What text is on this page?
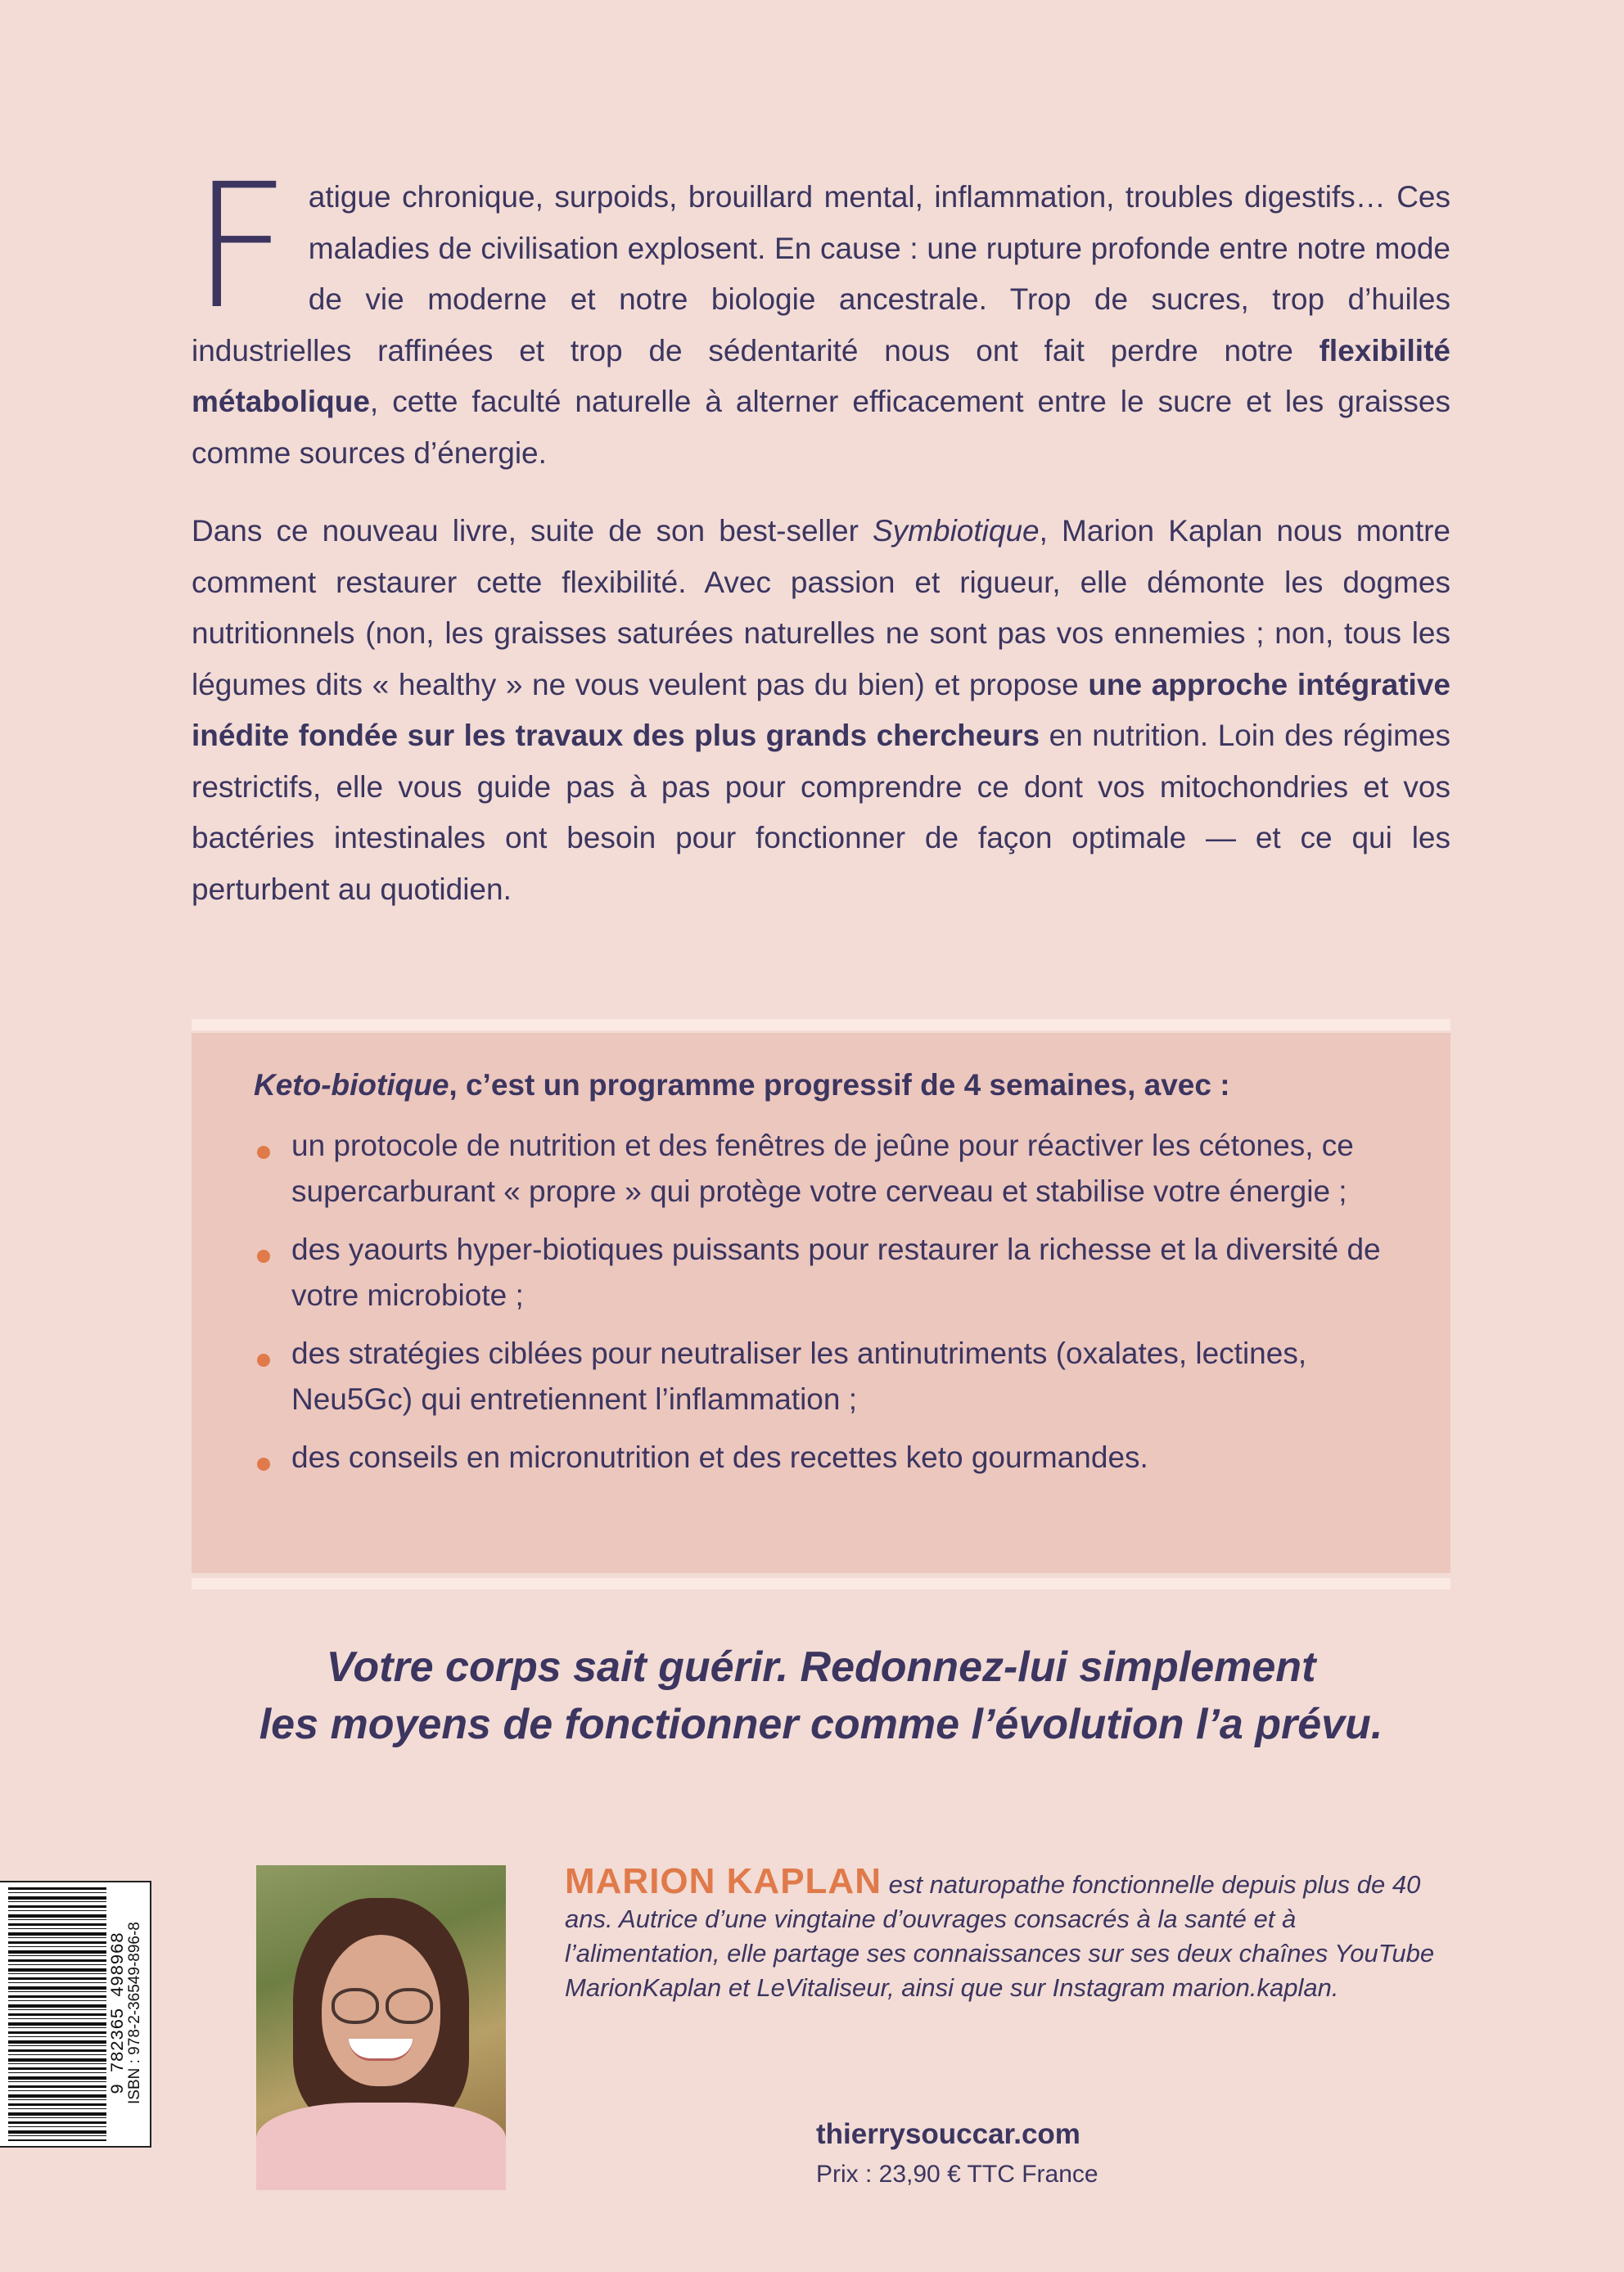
F atigue chronique, surpoids, brouillard mental, inflammation, troubles digestifs… Ces maladies de civilisation explosent. En cause : une rupture profonde entre notre mode de vie moderne et notre biologie ancestrale. Trop de sucres, trop d’huiles industrielles raffinées et trop de sédentarité nous ont fait perdre notre flexibilité métabolique, cette faculté naturelle à alterner efficacement entre le sucre et les graisses comme sources d’énergie.

Dans ce nouveau livre, suite de son best-seller Symbiotique, Marion Kaplan nous montre comment restaurer cette flexibilité. Avec passion et rigueur, elle démonte les dogmes nutritionnels (non, les graisses saturées naturelles ne sont pas vos ennemies ; non, tous les légumes dits « healthy » ne vous veulent pas du bien) et propose une approche intégrative inédite fondée sur les travaux des plus grands chercheurs en nutrition. Loin des régimes restrictifs, elle vous guide pas à pas pour comprendre ce dont vos mitochondries et vos bactéries intestinales ont besoin pour fonctionner de façon optimale — et ce qui les perturbent au quotidien.
Keto-biotique, c’est un programme progressif de 4 semaines, avec :
un protocole de nutrition et des fenêtres de jeûne pour réactiver les cétones, ce supercarburant « propre » qui protège votre cerveau et stabilise votre énergie ;
des yaourts hyper-biotiques puissants pour restaurer la richesse et la diversité de votre microbiote ;
des stratégies ciblées pour neutraliser les antinutriments (oxalates, lectines, Neu5Gc) qui entretiennent l’inflammation ;
des conseils en micronutrition et des recettes keto gourmandes.
Votre corps sait guérir. Redonnez-lui simplement
les moyens de fonctionner comme l’évolution l’a prévu.
MARION KAPLAN est naturopathe fonctionnelle depuis plus de 40 ans. Autrice d’une vingtaine d’ouvrages consacrés à la santé et à l’alimentation, elle partage ses connaissances sur ses deux chaînes YouTube MarionKaplan et LeVitaliseur, ainsi que sur Instagram marion.kaplan.
thierrysouccar.com
Prix : 23,90 € TTC France
9 782365 498968
ISBN : 978-2-36549-896-8
